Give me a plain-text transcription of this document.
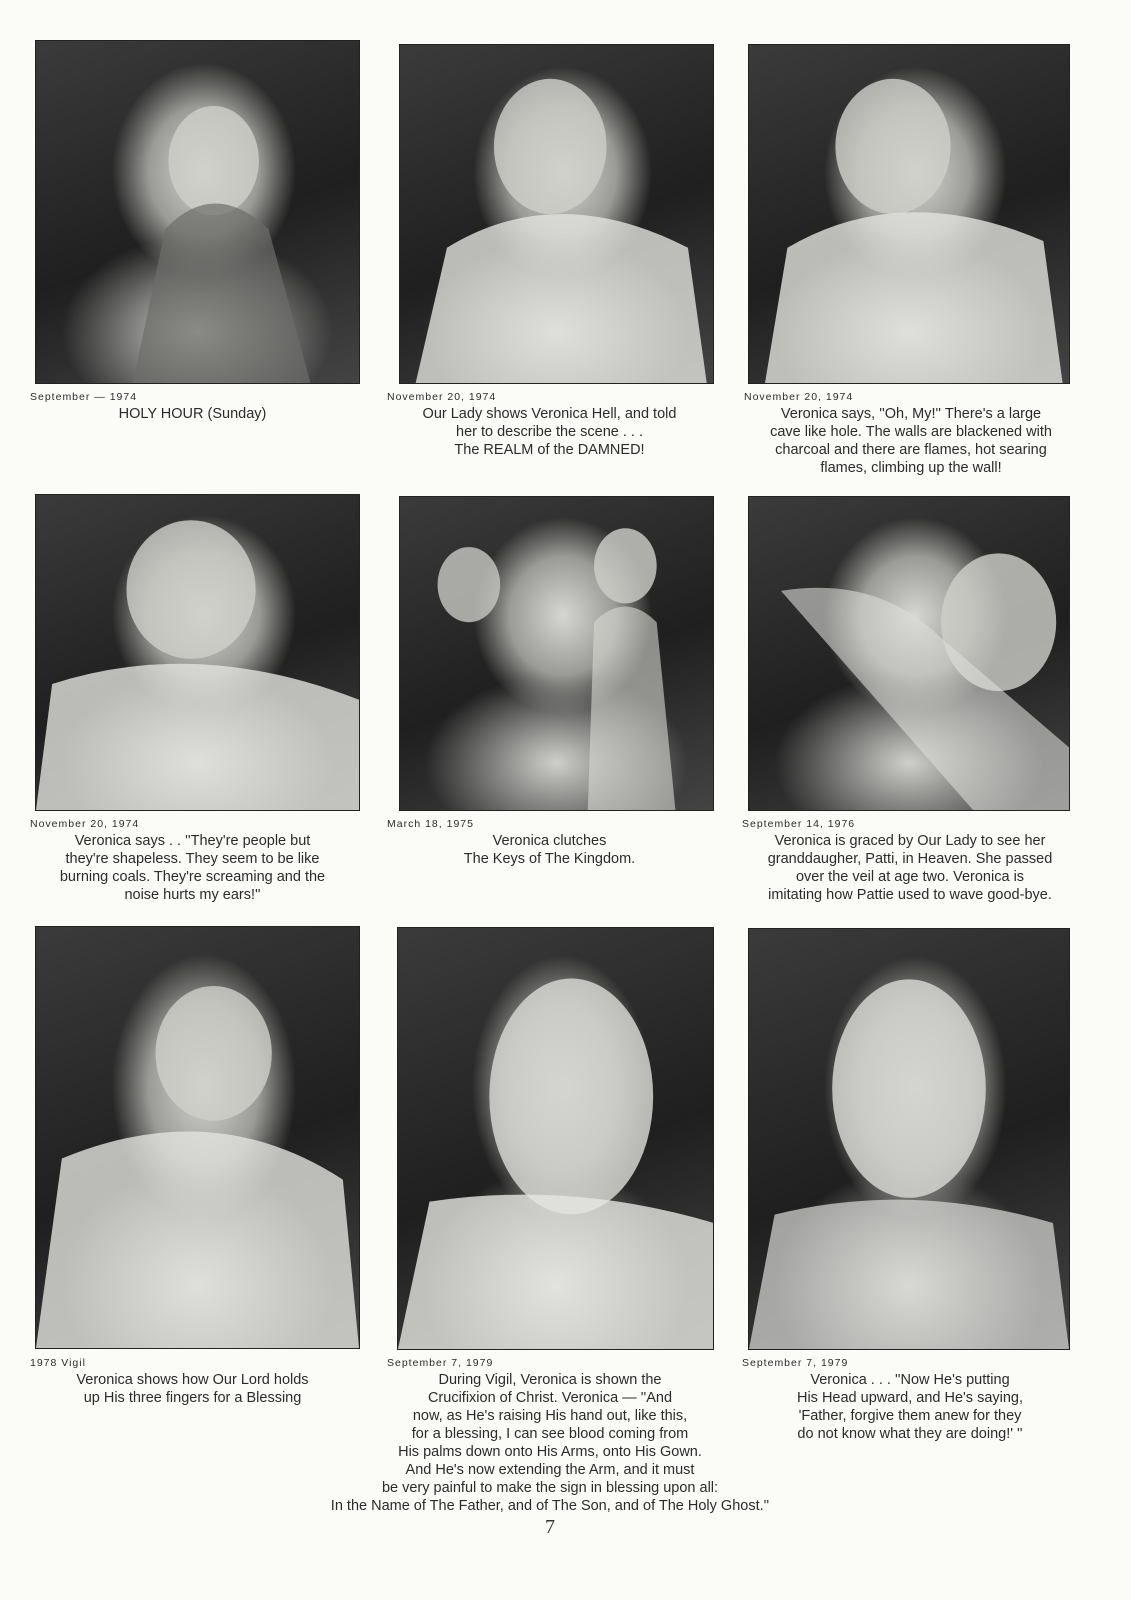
September — 1974
HOLY HOUR (Sunday)
November 20, 1974
Our Lady shows Veronica Hell, and told
her to describe the scene . . .
The REALM of the DAMNED!
November 20, 1974
Veronica says, ''Oh, My!'' There's a large
cave like hole. The walls are blackened with
charcoal and there are flames, hot searing
flames, climbing up the wall!
November 20, 1974
Veronica says . . ''They're people but
they're shapeless. They seem to be like
burning coals. They're screaming and the
noise hurts my ears!''
March 18, 1975
Veronica clutches
The Keys of The Kingdom.
September 14, 1976
Veronica is graced by Our Lady to see her
granddaugher, Patti, in Heaven. She passed
over the veil at age two. Veronica is
imitating how Pattie used to wave good-bye.
1978 Vigil
Veronica shows how Our Lord holds
up His three fingers for a Blessing
September 7, 1979
During Vigil, Veronica is shown the
Crucifixion of Christ. Veronica — ''And
now, as He's raising His hand out, like this,
for a blessing, I can see blood coming from
His palms down onto His Arms, onto His Gown.
And He's now extending the Arm, and it must
be very painful to make the sign in blessing upon all:
In the Name of The Father, and of The Son, and of The Holy Ghost.''
September 7, 1979
Veronica . . . ''Now He's putting
His Head upward, and He's saying,
'Father, forgive them anew for they
do not know what they are doing!' ''
7
